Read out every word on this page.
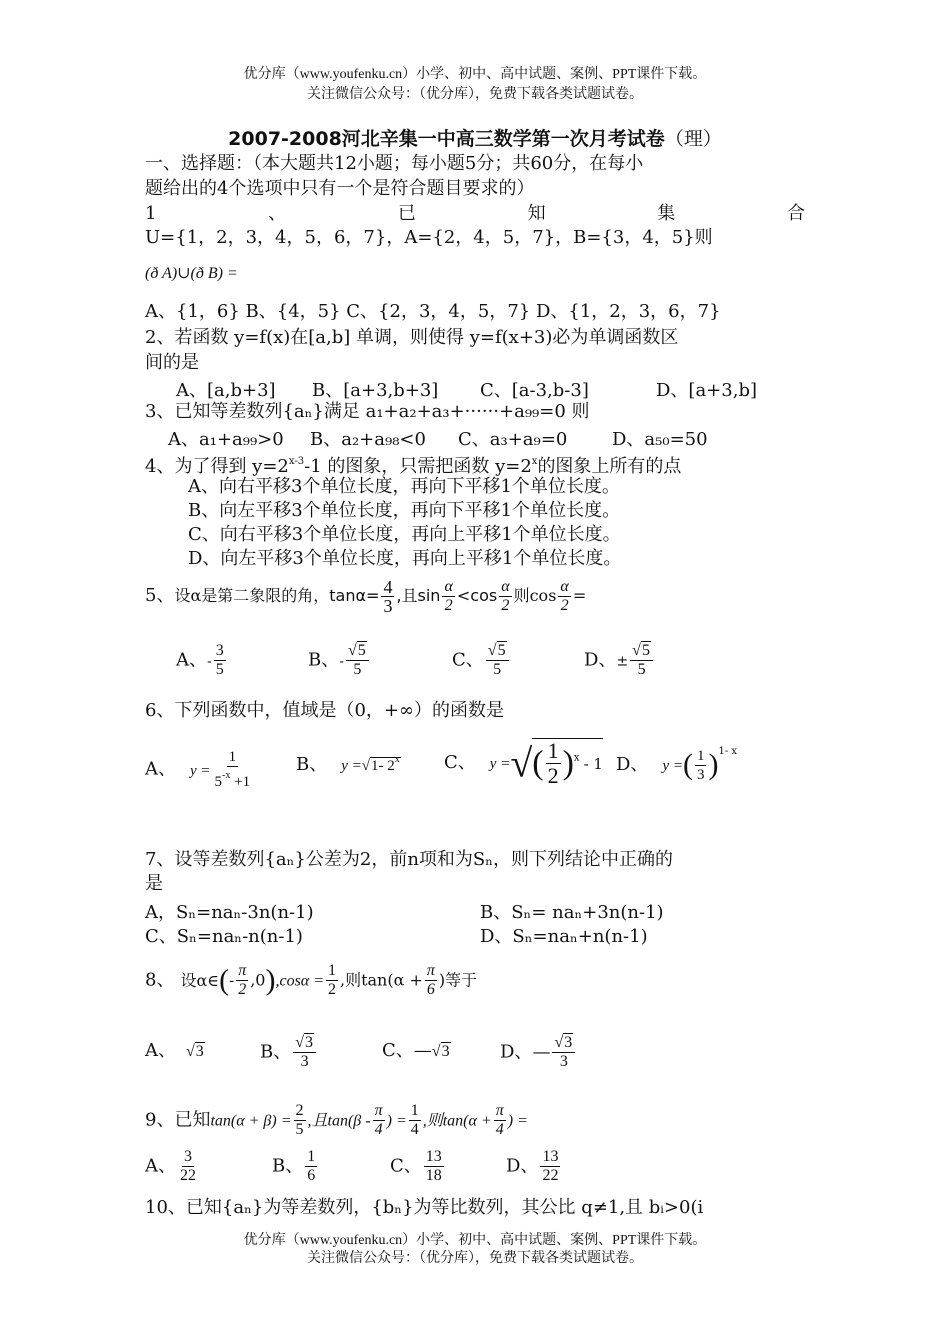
优分库（www.youfenku.cn）小学、初中、高中试题、案例、PPT课件下载。
关注微信公众号：（优分库），免费下载各类试题试卷。
2007-2008河北辛集一中高三数学第一次月考试卷（理）
一、选择题：（本大题共12小题；每小题5分；共60分，在每小
题给出的4个选项中只有一个是符合题目要求的）
1	、	已	知	集	合
U={1，2，3，4，5，6，7}，A={2，4，5，7}，B={3，4，5}则
(ð A)∪(ð B) =
A、{1，6} B、{4，5} C、{2，3，4，5，7} D、{1，2，3，6，7}
2、若函数 y=f(x)在[a,b] 单调，则使得 y=f(x+3)必为单调函数区
间的是
A、[a,b+3] B、[a+3,b+3] C、[a-3,b-3]	D、[a+3,b]
3、已知等差数列{aₙ}满足 a₁+a₂+a₃+······+a₉₉=0 则
A、a₁+a₉₉>0 B、a₂+a₉₈<0 C、a₃+a₉=0 D、a₅₀=50
4、为了得到 $y=2^{x-3}-1$ 的图象，只需把函数 $y=2^x$的图象上所有的点
A、向右平移3个单位长度，再向下平移1个单位长度。
B、向左平移3个单位长度，再向下平移1个单位长度。
C、向右平移3个单位长度，再向上平移1个单位长度。
D、向左平移3个单位长度，再向上平移1个单位长度。
5、设α是第二象限的角，$\tan\alpha= \frac{4}{3}$ ,且$\sin \frac{\alpha}{2} <\cos \frac{\alpha}{2}$ 则$\cos \frac{\alpha}{2}$ =
A、- $\frac{3}{5}$	B、- $\frac{√5}{5}$	C、 $\frac{√5}{5}$	D、± $\frac{√5}{5}$
6、下列函数中，值域是（0，+∞）的函数是
A、 $y = \frac{1}{5^{-x} +1}$ B、 y =√1- 2$^x$ C、 y =√( $\frac{1}{2} )^x - 1$ D、 y =( $\frac{1}{3} )^{1- x}$
7、设等差数列{aₙ}公差为2，前n项和为Sₙ，则下列结论中正确的
是
A，Sₙ=naₙ-3n(n-1)	B、Sₙ= naₙ+3n(n-1)
C、Sₙ=naₙ-n(n-1)	D、Sₙ=naₙ+n(n-1)
8、 设α∈(- $\frac{\pi}{2} ,0),\cos\alpha = \frac{1}{2}$ ,则$\tan(\alpha + \frac{\pi}{6}$ )等于
A、 √3	B、 $\frac{√3}{3}$	C、—√3	D、— $\frac{√3}{3}$
9、已知$\tan(\alpha + \beta) = \frac{2}{5}$ ,且$\tan(\beta - \frac{\pi}{4}$ ) = $\frac{1}{4}$ ,则$\tan(\alpha + \frac{\pi}{4}$ ) =
A、 $\frac{3}{22}$	B、 $\frac{1}{6}$	C、 $\frac{13}{18}$	D、 $\frac{13}{22}$
10、已知{aₙ}为等差数列，{bₙ}为等比数列，其公比 q≠1,且 bᵢ>0(i
优分库（www.youfenku.cn）小学、初中、高中试题、案例、PPT课件下载。
关注微信公众号：（优分库），免费下载各类试题试卷。
